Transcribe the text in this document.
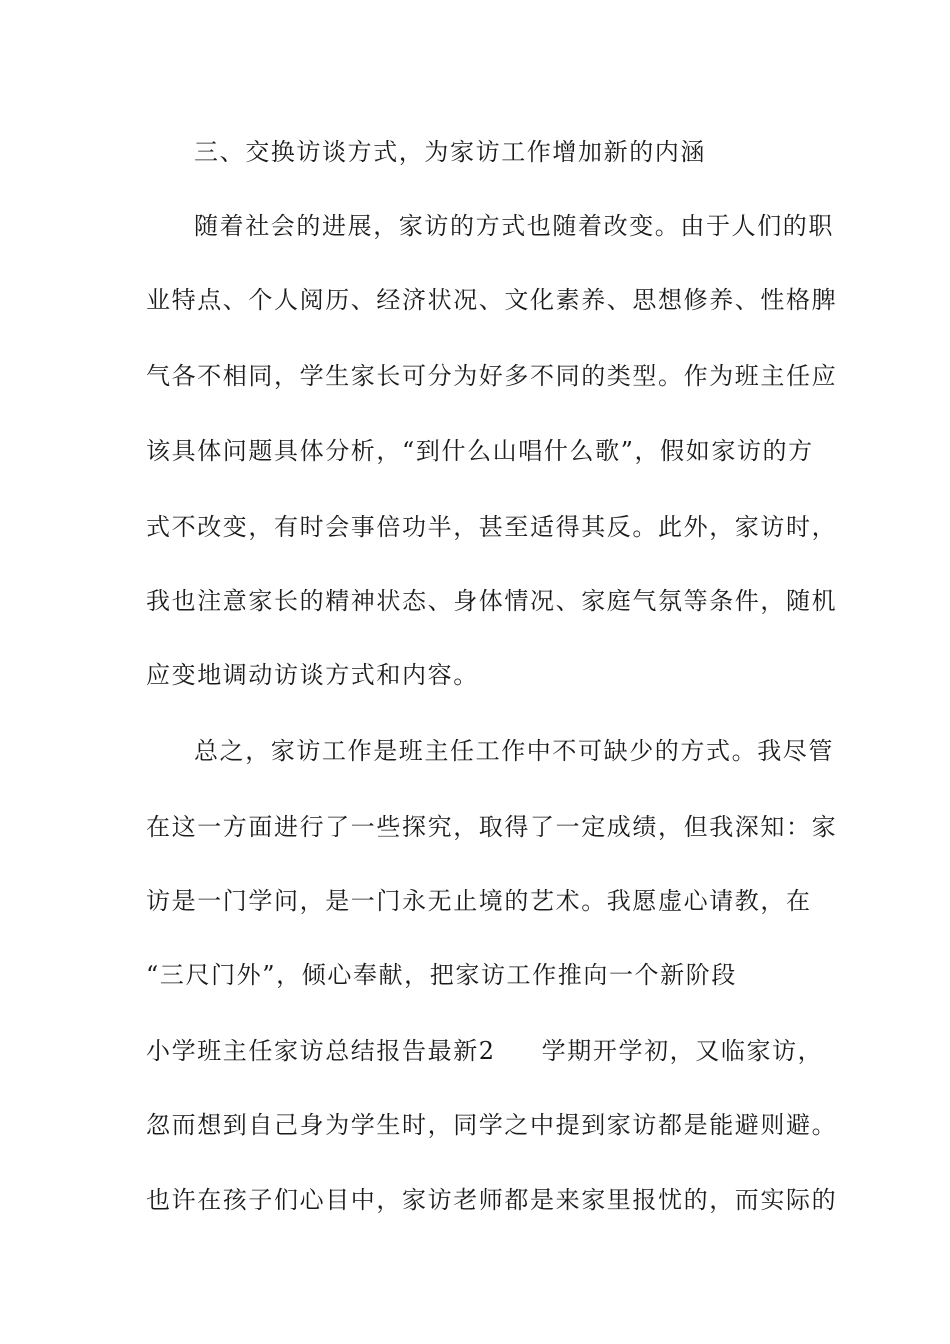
三、交换访谈方式，为家访工作增加新的内涵
随着社会的进展，家访的方式也随着改变。由于人们的职
业特点、个人阅历、经济状况、文化素养、思想修养、性格脾
气各不相同，学生家长可分为好多不同的类型。作为班主任应
该具体问题具体分析，“到什么山唱什么歌”，假如家访的方
式不改变，有时会事倍功半，甚至适得其反。此外，家访时，
我也注意家长的精神状态、身体情况、家庭气氛等条件，随机
应变地调动访谈方式和内容。
总之，家访工作是班主任工作中不可缺少的方式。我尽管
在这一方面进行了一些探究，取得了一定成绩，但我深知：家
访是一门学问，是一门永无止境的艺术。我愿虚心请教，在
“三尺门外”，倾心奉献，把家访工作推向一个新阶段
小学班主任家访总结报告最新2 学期开学初，又临家访，
忽而想到自己身为学生时，同学之中提到家访都是能避则避。
也许在孩子们心目中，家访老师都是来家里报忧的，而实际的
